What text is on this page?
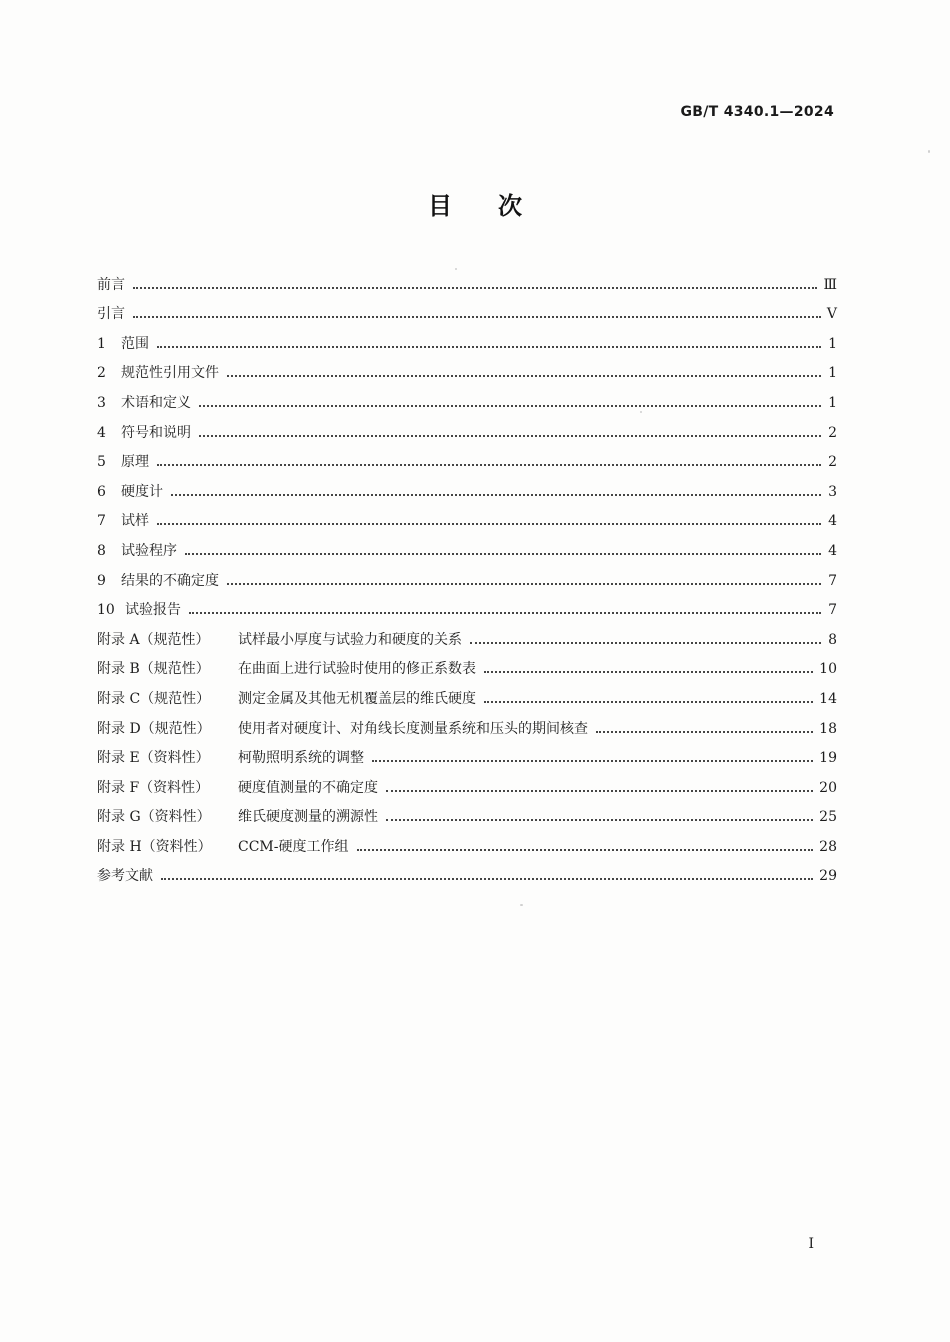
GB/T 4340.1—2024
目 次
前言	Ⅲ
引言	Ⅴ
1	范围	1
2	规范性引用文件	1
3	术语和定义	1
4	符号和说明	2
5	原理	2
6	硬度计	3
7	试样	4
8	试验程序	4
9	结果的不确定度	7
10 试验报告	7
附录 A（规范性）	试样最小厚度与试验力和硬度的关系	8
附录 B（规范性）	在曲面上进行试验时使用的修正系数表	10
附录 C（规范性）	测定金属及其他无机覆盖层的维氏硬度	14
附录 D（规范性）	使用者对硬度计、对角线长度测量系统和压头的期间核查	18
附录 E（资料性）	柯勒照明系统的调整	19
附录 F（资料性）	硬度值测量的不确定度	20
附录 G（资料性）	维氏硬度测量的溯源性	25
附录 H（资料性）	CCM-硬度工作组	28
参考文献	29
Ⅰ
